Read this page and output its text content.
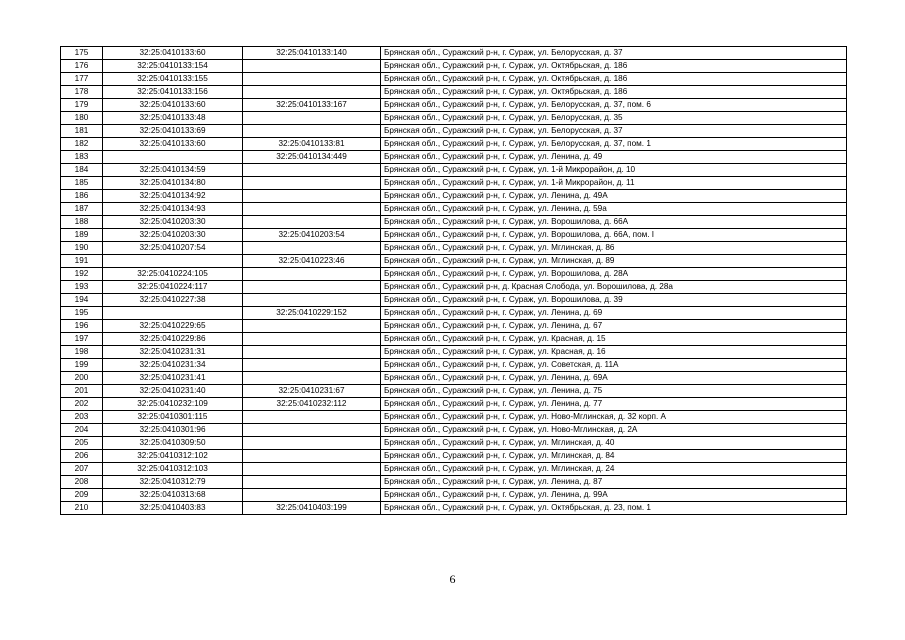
175	32:25:0410133:60	32:25:0410133:140	Брянская обл., Суражский р-н, г. Сураж, ул. Белорусская, д. 37
176	32:25:0410133:154		Брянская обл., Суражский р-н, г. Сураж, ул. Октябрьская, д. 186
177	32:25:0410133:155		Брянская обл., Суражский р-н, г. Сураж, ул. Октябрьская, д. 186
178	32:25:0410133:156		Брянская обл., Суражский р-н, г. Сураж, ул. Октябрьская, д. 186
179	32:25:0410133:60	32:25:0410133:167	Брянская обл., Суражский р-н, г. Сураж, ул. Белорусская, д. 37, пом. 6
180	32:25:0410133:48		Брянская обл., Суражский р-н, г. Сураж, ул. Белорусская, д. 35
181	32:25:0410133:69		Брянская обл., Суражский р-н, г. Сураж, ул. Белорусская, д. 37
182	32:25:0410133:60	32:25:0410133:81	Брянская обл., Суражский р-н, г. Сураж, ул. Белорусская, д. 37, пом. 1
183		32:25:0410134:449	Брянская обл., Суражский р-н, г. Сураж, ул. Ленина, д. 49
184	32:25:0410134:59		Брянская обл., Суражский р-н, г. Сураж, ул. 1-й Микрорайон, д. 10
185	32:25:0410134:80		Брянская обл., Суражский р-н, г. Сураж, ул. 1-й Микрорайон, д. 11
186	32:25:0410134:92		Брянская обл., Суражский р-н, г. Сураж, ул. Ленина, д. 49А
187	32:25:0410134:93		Брянская обл., Суражский р-н, г. Сураж, ул. Ленина, д. 59а
188	32:25:0410203:30		Брянская обл., Суражский р-н, г. Сураж, ул. Ворошилова, д. 66А
189	32:25:0410203:30	32:25:0410203:54	Брянская обл., Суражский р-н, г. Сураж, ул. Ворошилова, д. 66А, пом. I
190	32:25:0410207:54		Брянская обл., Суражский р-н, г. Сураж, ул. Мглинская, д. 86
191		32:25:0410223:46	Брянская обл., Суражский р-н, г. Сураж, ул. Мглинская, д. 89
192	32:25:0410224:105		Брянская обл., Суражский р-н, г. Сураж, ул. Ворошилова, д. 28А
193	32:25:0410224:117		Брянская обл., Суражский р-н, д. Красная Слобода, ул. Ворошилова, д. 28а
194	32:25:0410227:38		Брянская обл., Суражский р-н, г. Сураж, ул. Ворошилова, д. 39
195		32:25:0410229:152	Брянская обл., Суражский р-н, г. Сураж, ул. Ленина, д. 69
196	32:25:0410229:65		Брянская обл., Суражский р-н, г. Сураж, ул. Ленина, д. 67
197	32:25:0410229:86		Брянская обл., Суражский р-н, г. Сураж, ул. Красная, д. 15
198	32:25:0410231:31		Брянская обл., Суражский р-н, г. Сураж, ул. Красная, д. 16
199	32:25:0410231:34		Брянская обл., Суражский р-н, г. Сураж, ул. Советская, д. 11А
200	32:25:0410231:41		Брянская обл., Суражский р-н, г. Сураж, ул. Ленина, д. 69А
201	32:25:0410231:40	32:25:0410231:67	Брянская обл., Суражский р-н, г. Сураж, ул. Ленина, д. 75
202	32:25:0410232:109	32:25:0410232:112	Брянская обл., Суражский р-н, г. Сураж, ул. Ленина, д. 77
203	32:25:0410301:115		Брянская обл., Суражский р-н, г. Сураж, ул. Ново-Мглинская, д. 32 корп. А
204	32:25:0410301:96		Брянская обл., Суражский р-н, г. Сураж, ул. Ново-Мглинская, д. 2А
205	32:25:0410309:50		Брянская обл., Суражский р-н, г. Сураж, ул. Мглинская, д. 40
206	32:25:0410312:102		Брянская обл., Суражский р-н, г. Сураж, ул. Мглинская, д. 84
207	32:25:0410312:103		Брянская обл., Суражский р-н, г. Сураж, ул. Мглинская, д. 24
208	32:25:0410312:79		Брянская обл., Суражский р-н, г. Сураж, ул. Ленина, д. 87
209	32:25:0410313:68		Брянская обл., Суражский р-н, г. Сураж, ул. Ленина, д. 99А
210	32:25:0410403:83	32:25:0410403:199	Брянская обл., Суражский р-н, г. Сураж, ул. Октябрьская, д. 23, пом. 1
6
